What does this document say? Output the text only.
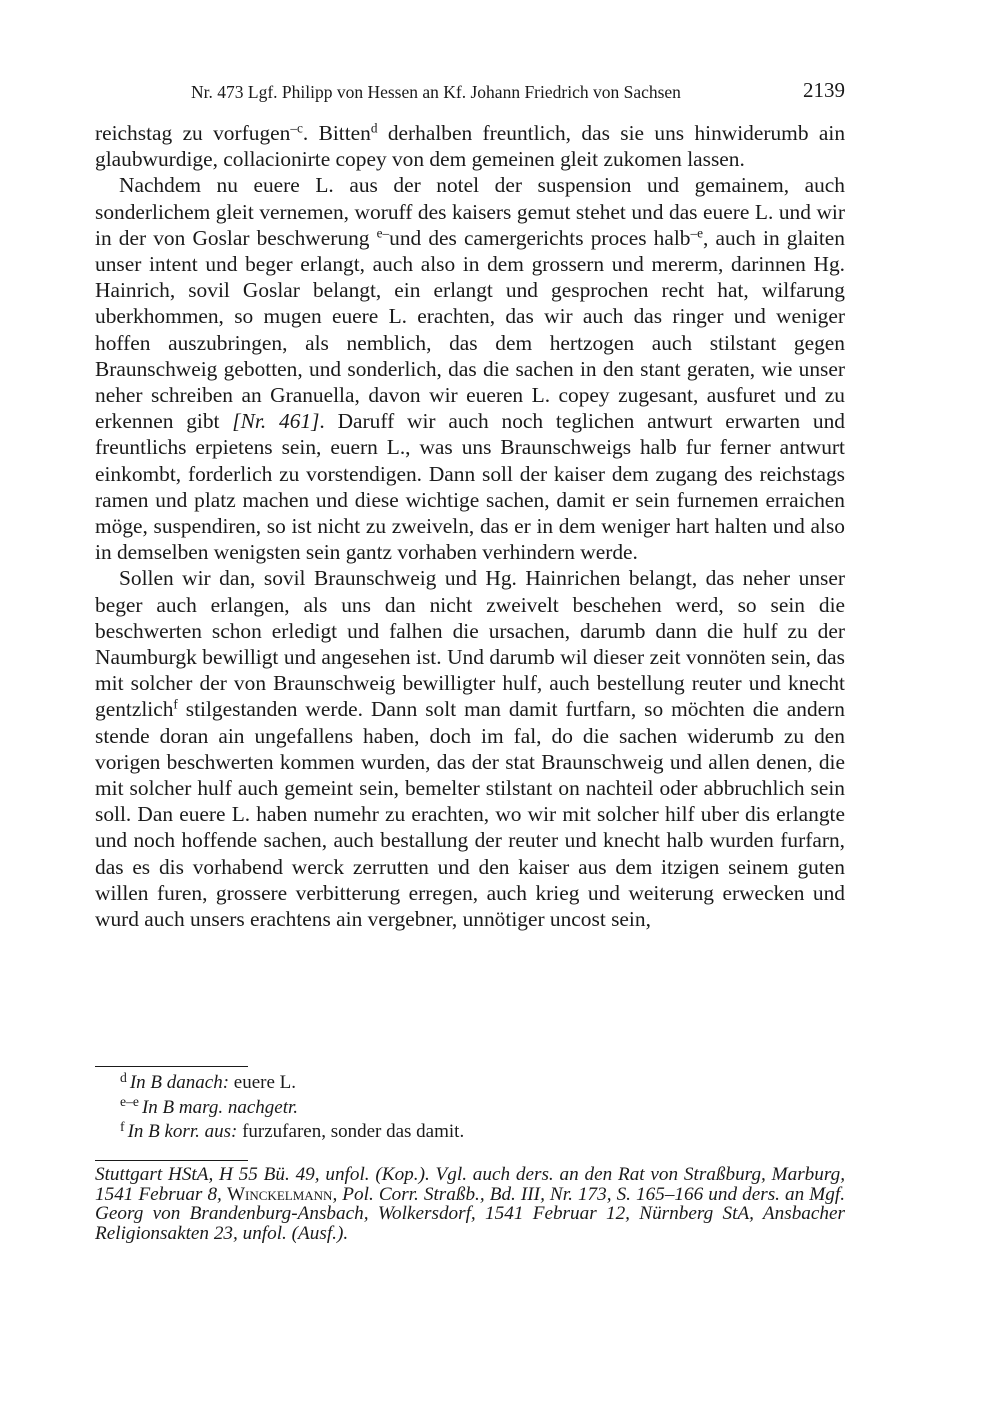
Nr. 473 Lgf. Philipp von Hessen an Kf. Johann Friedrich von Sachsen	2139

reichstag zu vorfugen$^{-c}$. Bitten$^d$ derhalben freuntlich, das sie uns hinwiderumb ain glaubwurdige, collacionirte copey von dem gemeinen gleit zukomen lassen.

Nachdem nu euere L. aus der notel der suspension und gemainem, auch sonderlichem gleit vernemen, woruff des kaisers gemut stehet und das euere L. und wir in der von Goslar beschwerung $^{e-}$und des camergerichts proces halb$^{-e}$, auch in glaiten unser intent und beger erlangt, auch also in dem grossern und mererm, darinnen Hg. Hainrich, sovil Goslar belangt, ein erlangt und gesprochen recht hat, wilfarung uberkhommen, so mugen euere L. erachten, das wir auch das ringer und weniger hoffen auszubringen, als nemblich, das dem hertzogen auch stilstant gegen Braunschweig gebotten, und sonderlich, das die sachen in den stant geraten, wie unser neher schreiben an Granuella, davon wir eueren L. copey zugesant, ausfuret und zu erkennen gibt [Nr. 461]. Daruff wir auch noch teglichen antwurt erwarten und freuntlichs erpietens sein, euern L., was uns Braunschweigs halb fur ferner antwurt einkombt, forderlich zu vorstendigen. Dann soll der kaiser dem zugang des reichstags ramen und platz machen und diese wichtige sachen, damit er sein furnemen erraichen möge, suspendiren, so ist nicht zu zweiveln, das er in dem weniger hart halten und also in demselben wenigsten sein gantz vorhaben verhindern werde.

Sollen wir dan, sovil Braunschweig und Hg. Hainrichen belangt, das neher unser beger auch erlangen, als uns dan nicht zweivelt beschehen werd, so sein die beschwerten schon erledigt und falhen die ursachen, darumb dann die hulf zu der Naumburgk bewilligt und angesehen ist. Und darumb wil dieser zeit vonnöten sein, das mit solcher der von Braunschweig bewilligter hulf, auch bestellung reuter und knecht gentzlich$^f$ stilgestanden werde. Dann solt man damit furtfarn, so möchten die andern stende doran ain ungefallens haben, doch im fal, do die sachen widerumb zu den vorigen beschwerten kommen wurden, das der stat Braunschweig und allen denen, die mit solcher hulf auch gemeint sein, bemelter stilstant on nachteil oder abbruchlich sein soll. Dan euere L. haben numehr zu erachten, wo wir mit solcher hilf uber dis erlangte und noch hoffende sachen, auch bestallung der reuter und knecht halb wurden furfarn, das es dis vorhabend werck zerrutten und den kaiser aus dem itzigen seinem guten willen furen, grossere verbitterung erregen, auch krieg und weiterung erwecken und wurd auch unsers erachtens ain vergebner, unnötiger uncost sein,

$^d$ In B danach: euere L.
$^{e-e}$ In B marg. nachgetr.
$^f$ In B korr. aus: furzufaren, sonder das damit.
Stuttgart HStA, H 55 Bü. 49, unfol. (Kop.). Vgl. auch ders. an den Rat von Straßburg, Marburg, 1541 Februar 8, Winckelmann, Pol. Corr. Straßb., Bd. III, Nr. 173, S. 165–166 und ders. an Mgf. Georg von Brandenburg-Ansbach, Wolkersdorf, 1541 Februar 12, Nürnberg StA, Ansbacher Religionsakten 23, unfol. (Ausf.).
